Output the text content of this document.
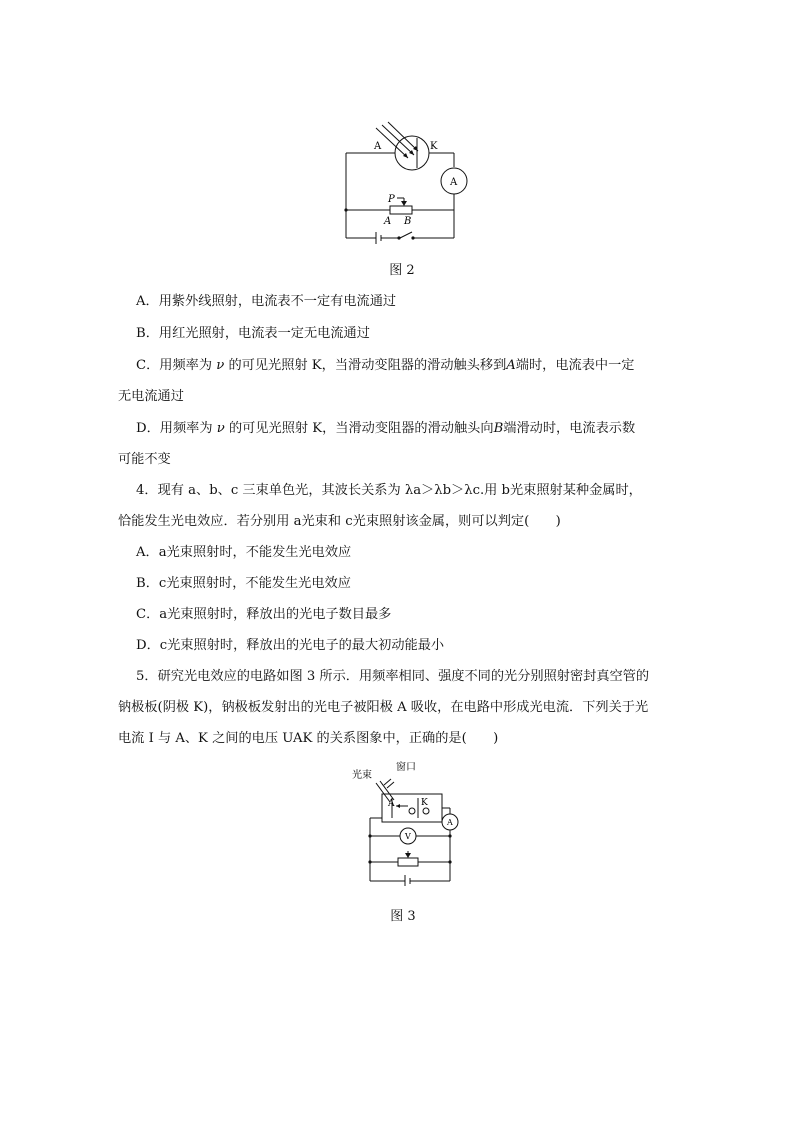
A	K
A
P
A B
图 2
A．用紫外线照射，电流表不一定有电流通过
B．用红光照射，电流表一定无电流通过
C．用频率为 ν 的可见光照射 K，当滑动变阻器的滑动触头移到A端时，电流表中一定
无电流通过
D．用频率为 ν 的可见光照射 K，当滑动变阻器的滑动触头向B端滑动时，电流表示数
可能不变
4．现有 a、b、c 三束单色光，其波长关系为 λa＞λb＞λc.用 b光束照射某种金属时，
恰能发生光电效应．若分别用 a光束和 c光束照射该金属，则可以判定(　　)
A．a光束照射时，不能发生光电效应
B．c光束照射时，不能发生光电效应
C．a光束照射时，释放出的光电子数目最多
D．c光束照射时，释放出的光电子的最大初动能最小
5．研究光电效应的电路如图 3 所示．用频率相同、强度不同的光分别照射密封真空管的
钠极板(阴极 K)，钠极板发射出的光电子被阳极 A 吸收，在电路中形成光电流．下列关于光
电流 I 与 A、K 之间的电压 UAK 的关系图象中，正确的是(　　)
光束
窗口
A	K
V
A
图 3
